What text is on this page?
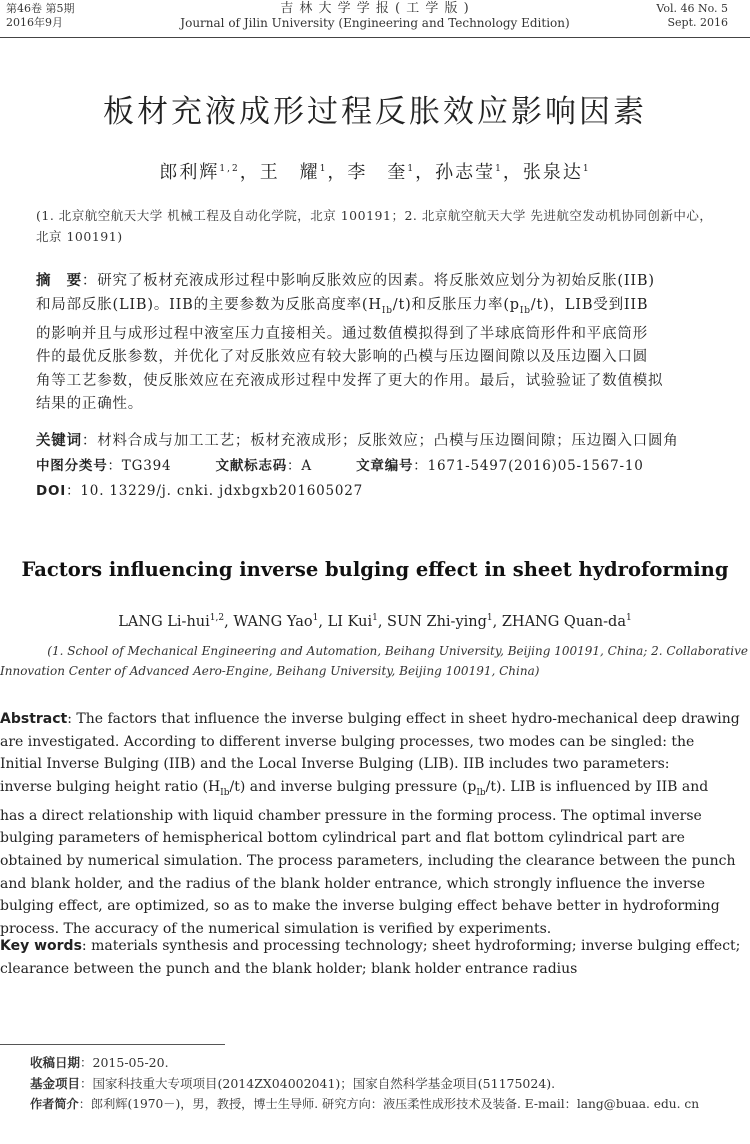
第46卷 第5期
2016年9月
吉 林 大 学 学 报 ( 工 学 版 )
Journal of Jilin University (Engineering and Technology Edition)
Vol. 46 No. 5
Sept. 2016
板材充液成形过程反胀效应影响因素
郎利辉$^{1,2}$，王　耀$^1$，李　奎$^1$，孙志莹$^1$，张泉达$^1$
(1. 北京航空航天大学 机械工程及自动化学院，北京 100191；2. 北京航空航天大学 先进航空发动机协同创新中心，北京 100191)
摘　要：研究了板材充液成形过程中影响反胀效应的因素。将反胀效应划分为初始反胀(IIB)
和局部反胀(LIB)。IIB的主要参数为反胀高度率$(H_{Ib}/t)$和反胀压力率$(p_{Ib}/t)$，LIB受到IIB
的影响并且与成形过程中液室压力直接相关。通过数值模拟得到了半球底筒形件和平底筒形
件的最优反胀参数，并优化了对反胀效应有较大影响的凸模与压边圈间隙以及压边圈入口圆
角等工艺参数，使反胀效应在充液成形过程中发挥了更大的作用。最后，试验验证了数值模拟
结果的正确性。
关键词：材料合成与加工工艺；板材充液成形；反胀效应；凸模与压边圈间隙；压边圈入口圆角
中图分类号：TG394	文献标志码：A	文章编号：1671-5497(2016)05-1567-10
DOI：10. 13229/j. cnki. jdxbgxb201605027
Factors influencing inverse bulging effect in sheet hydroforming
LANG Li-hui$^{1,2}$, WANG Yao$^1$, LI Kui$^1$, SUN Zhi-ying$^1$, ZHANG Quan-$da^1$
(1. School of Mechanical Engineering and Automation, Beihang University, Beijing 100191, China; 2. Collaborative
Innovation Center of Advanced Aero-Engine, Beihang University, Beijing 100191, China)
Abstract: The factors that influence the inverse bulging effect in sheet hydro-mechanical deep drawing
are investigated. According to different inverse bulging processes, two modes can be singled: the
Initial Inverse Bulging (IIB) and the Local Inverse Bulging (LIB). IIB includes two parameters:
inverse bulging height ratio $(H_{Ib}/t)$ and inverse bulging pressure $(p_{Ib}/t)$. LIB is influenced by IIB and
has a direct relationship with liquid chamber pressure in the forming process. The optimal inverse
bulging parameters of hemispherical bottom cylindrical part and flat bottom cylindrical part are
obtained by numerical simulation. The process parameters, including the clearance between the punch
and blank holder, and the radius of the blank holder entrance, which strongly influence the inverse
bulging effect, are optimized, so as to make the inverse bulging effect behave better in hydroforming
process. The accuracy of the numerical simulation is verified by experiments.
Key words: materials synthesis and processing technology; sheet hydroforming; inverse bulging effect;
clearance between the punch and the blank holder; blank holder entrance radius
收稿日期：2015-05-20.
基金项目：国家科技重大专项项目(2014ZX04002041)；国家自然科学基金项目(51175024).
作者简介：郎利辉(1970－)，男，教授，博士生导师. 研究方向：液压柔性成形技术及装备. E-mail：lang@buaa. edu. cn
